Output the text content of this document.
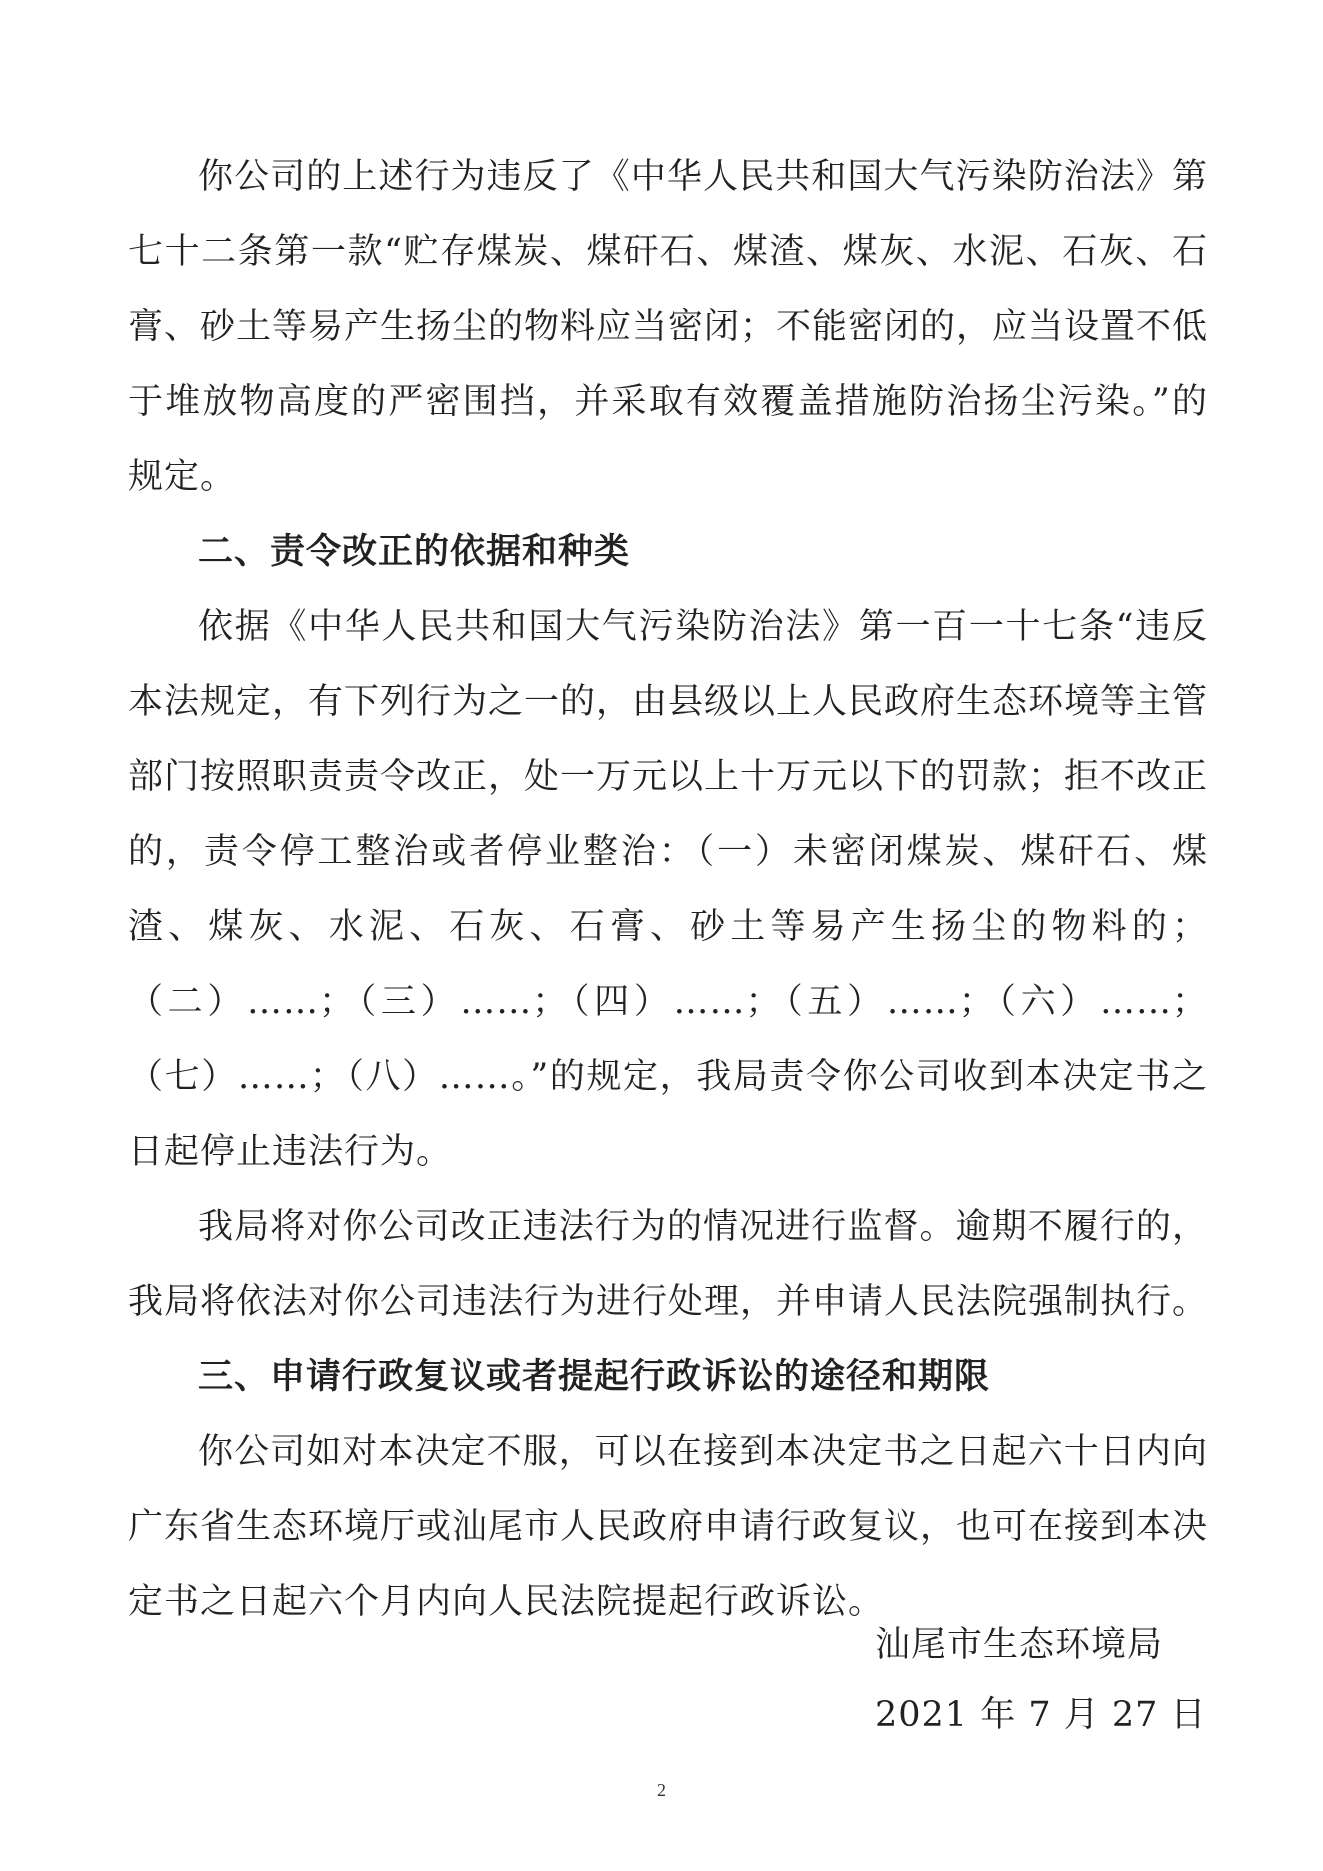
你公司的上述行为违反了《中华人民共和国大气污染防治法》第七十二条第一款“贮存煤炭、煤矸石、煤渣、煤灰、水泥、石灰、石膏、砂土等易产生扬尘的物料应当密闭；不能密闭的，应当设置不低于堆放物高度的严密围挡，并采取有效覆盖措施防治扬尘污染。”的规定。

二、责令改正的依据和种类

依据《中华人民共和国大气污染防治法》第一百一十七条“违反本法规定，有下列行为之一的，由县级以上人民政府生态环境等主管部门按照职责责令改正，处一万元以上十万元以下的罚款；拒不改正的，责令停工整治或者停业整治：（一）未密闭煤炭、煤矸石、煤渣、煤灰、水泥、石灰、石膏、砂土等易产生扬尘的物料的；（二）……；（三）……；（四）……；（五）……；（六）……；（七）……；（八）……。”的规定，我局责令你公司收到本决定书之日起停止违法行为。

我局将对你公司改正违法行为的情况进行监督。逾期不履行的，我局将依法对你公司违法行为进行处理，并申请人民法院强制执行。

三、申请行政复议或者提起行政诉讼的途径和期限

你公司如对本决定不服，可以在接到本决定书之日起六十日内向广东省生态环境厅或汕尾市人民政府申请行政复议，也可在接到本决定书之日起六个月内向人民法院提起行政诉讼。

汕尾市生态环境局
2021 年 7 月 27 日
2
